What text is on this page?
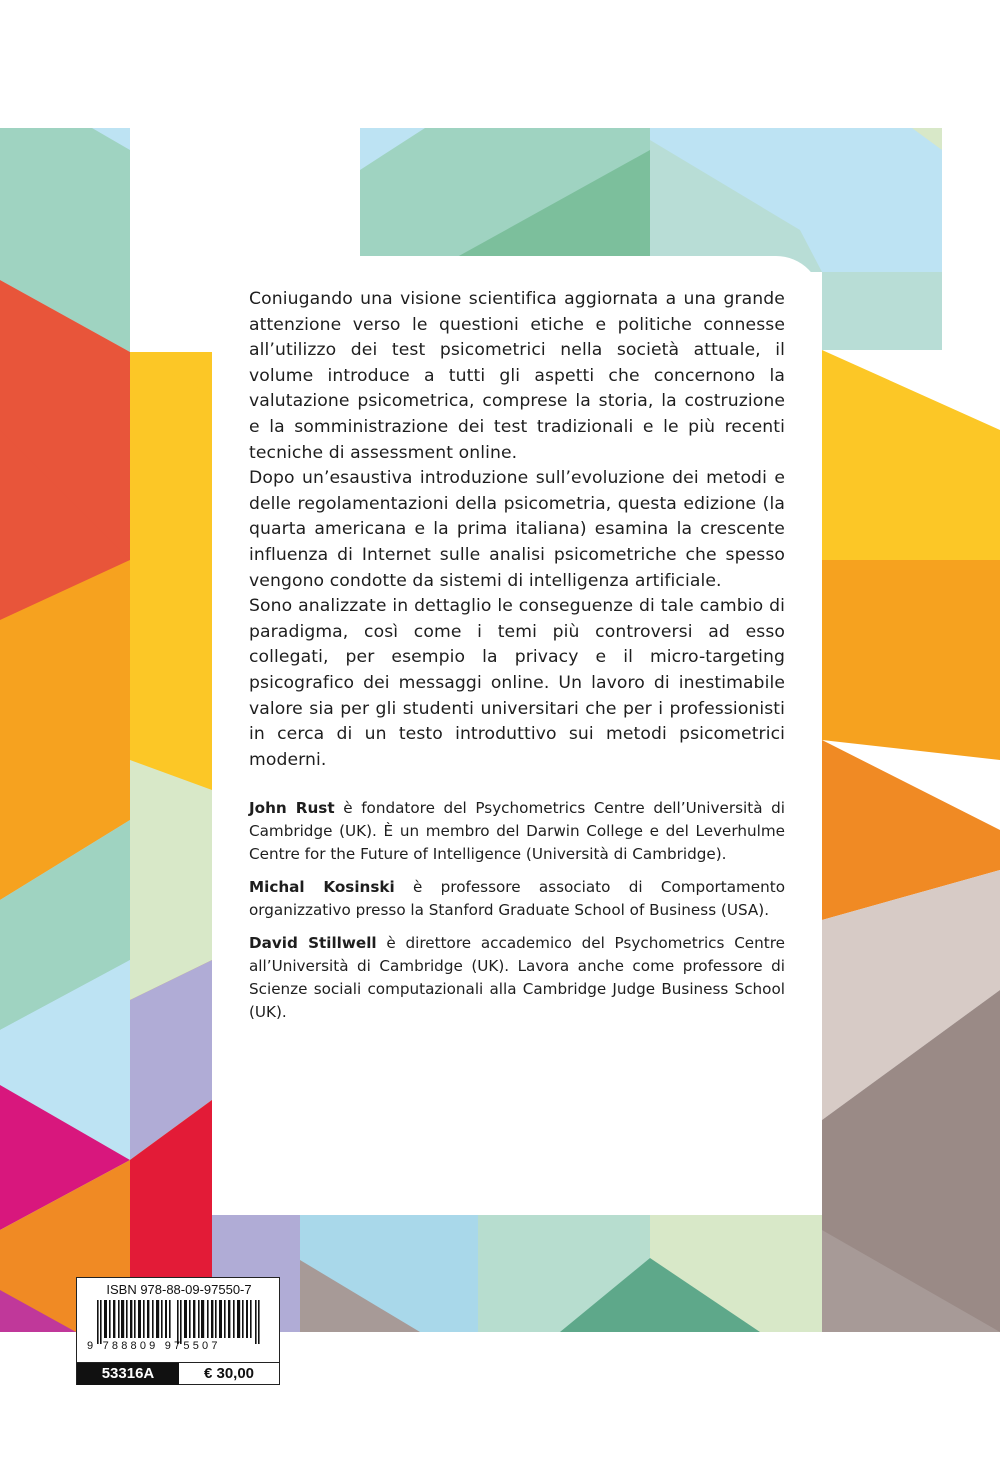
Coniugando una visione scientifica aggiornata a una grande attenzione verso le questioni etiche e politiche connesse all’utilizzo dei test psicometrici nella società attuale, il volume introduce a tutti gli aspetti che concernono la valutazione psicometrica, comprese la storia, la costruzione e la somministrazione dei test tradizionali e le più recenti tecniche di assessment online.

Dopo un’esaustiva introduzione sull’evoluzione dei metodi e delle regolamentazioni della psicometria, questa edizione (la quarta americana e la prima italiana) esamina la crescente influenza di Internet sulle analisi psicometriche che spesso vengono condotte da sistemi di intelligenza artificiale.

Sono analizzate in dettaglio le conseguenze di tale cambio di paradigma, così come i temi più controversi ad esso collegati, per esempio la privacy e il micro-targeting psicografico dei messaggi online. Un lavoro di inestimabile valore sia per gli studenti universitari che per i professionisti in cerca di un testo introduttivo sui metodi psicometrici moderni.

John Rust è fondatore del Psychometrics Centre dell’Università di Cambridge (UK). È un membro del Darwin College e del Leverhulme Centre for the Future of Intelligence (Università di Cambridge).

Michal Kosinski è professore associato di Comportamento organizzativo presso la Stanford Graduate School of Business (USA).

David Stillwell è direttore accademico del Psychometrics Centre all’Università di Cambridge (UK). Lavora anche come professore di Scienze sociali computazionali alla Cambridge Judge Business School (UK).

ISBN 978-88-09-97550-7
9 788809 975507
53316A	€ 30,00
